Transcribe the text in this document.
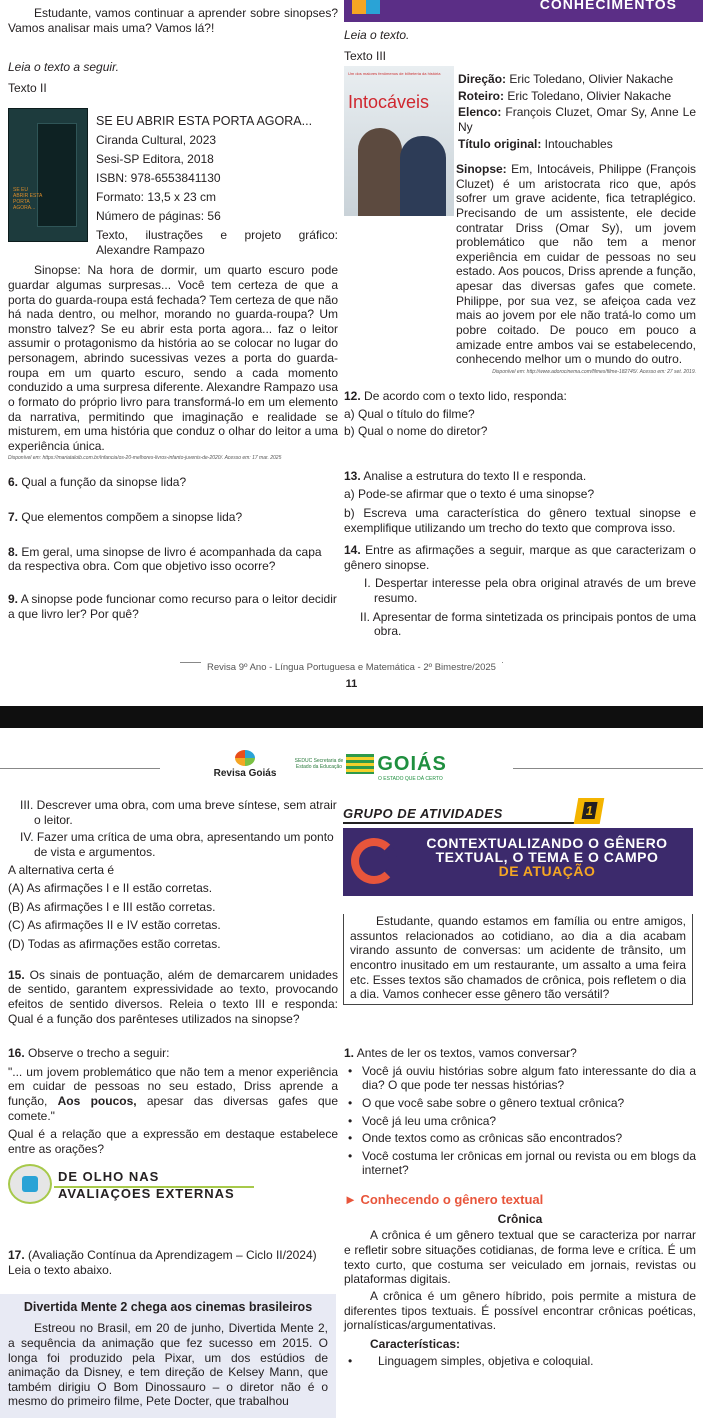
CONHECIMENTOS

Estudante, vamos continuar a aprender sobre sinopses? Vamos analisar mais uma? Vamos lá?!

Leia o texto a seguir.

Texto II

SE EU ABRIR ESTA PORTA AGORA...

SE EU ABRIR ESTA PORTA AGORA...

Ciranda Cultural, 2023

Sesi-SP Editora, 2018

ISBN: 978-6553841130

Formato: 13,5 x 23 cm

Número de páginas: 56

Texto, ilustrações e projeto gráfico: Alexandre Rampazo

Sinopse: Na hora de dormir, um quarto escuro pode guardar algumas surpresas... Você tem certeza de que a porta do guarda-roupa está fechada? Tem certeza de que não há nada dentro, ou melhor, morando no guarda-roupa? Um monstro talvez? Se eu abrir esta porta agora... faz o leitor assumir o protagonismo da história ao se colocar no lugar do personagem, abrindo sucessivas vezes a porta do guarda-roupa em um quarto escuro, sendo a cada momento conduzido a uma surpresa diferente. Alexandre Rampazo usa o formato do próprio livro para transformá-lo em um elemento da narrativa, permitindo que imaginação e realidade se misturem, em uma história que conduz o olhar do leitor a uma experiência única.

Disponível em: https://mariataloib.com.br/infancia/os-20-melhores-livros-infanto-juvenis-de-2020/. Acesso em: 17 mar. 2025

6. Qual a função da sinopse lida?

7. Que elementos compõem a sinopse lida?

8. Em geral, uma sinopse de livro é acompanhada da capa da respectiva obra. Com que objetivo isso ocorre?

9. A sinopse pode funcionar como recurso para o leitor decidir a que livro ler? Por quê?

Leia o texto.

Texto III

Um dos maiores fenômenos de bilheteria da história
Intocáveis

Direção: Eric Toledano, Olivier Nakache

Roteiro: Eric Toledano, Olivier Nakache

Elenco: François Cluzet, Omar Sy, Anne Le Ny

Título original: Intouchables

Sinopse: Em, Intocáveis, Philippe (François Cluzet) é um aristocrata rico que, após sofrer um grave acidente, fica tetraplégico. Precisando de um assistente, ele decide contratar Driss (Omar Sy), um jovem problemático que não tem a menor experiência em cuidar de pessoas no seu estado. Aos poucos, Driss aprende a função, apesar das diversas gafes que comete. Philippe, por sua vez, se afeiçoa cada vez mais ao jovem por ele não tratá-lo como um pobre coitado. De pouco em pouco a amizade entre ambos vai se estabelecendo, conhecendo melhor um o mundo do outro.

Disponível em: http://www.adorocinema.com/filmes/filme-182745/. Acesso em: 27 set. 2019.

12. De acordo com o texto lido, responda:

a) Qual o título do filme?

b) Qual o nome do diretor?

13. Analise a estrutura do texto II e responda.

a) Pode-se afirmar que o texto é uma sinopse?

b) Escreva uma característica do gênero textual sinopse e exemplifique utilizando um trecho do texto que comprova isso.

14. Entre as afirmações a seguir, marque as que caracterizam o gênero sinopse.

I. Despertar interesse pela obra original através de um breve resumo.

II. Apresentar de forma sintetizada os principais pontos de uma obra.

Revisa 9º Ano - Língua Portuguesa e Matemática - 2º Bimestre/2025
11
Revisa Goiás
SEDUC Secretaria de Estado da Educação	GOIÁS
O ESTADO QUE DÁ CERTO

III. Descrever uma obra, com uma breve síntese, sem atrair o leitor.

IV. Fazer uma crítica de uma obra, apresentando um ponto de vista e argumentos.

A alternativa certa é

(A) As afirmações I e II estão corretas.

(B) As afirmações I e III estão corretas.

(C) As afirmações II e IV estão corretas.

(D) Todas as afirmações estão corretas.

15. Os sinais de pontuação, além de demarcarem unidades de sentido, garantem expressividade ao texto, provocando efeitos de sentido diversos. Releia o texto III e responda: Qual é a função dos parênteses utilizados na sinopse?

16. Observe o trecho a seguir:

"... um jovem problemático que não tem a menor experiência em cuidar de pessoas no seu estado, Driss aprende a função, Aos poucos, apesar das diversas gafes que comete."

Qual é a relação que a expressão em destaque estabelece entre as orações?

DE OLHO NAS
AVALIAÇÕES EXTERNAS

17. (Avaliação Contínua da Aprendizagem – Ciclo II/2024)

Leia o texto abaixo.

Divertida Mente 2 chega aos cinemas brasileiros

Estreou no Brasil, em 20 de junho, Divertida Mente 2, a sequência da animação que fez sucesso em 2015. O longa foi produzido pela Pixar, um dos estúdios de animação da Disney, e tem direção de Kelsey Mann, que também dirigiu O Bom Dinossauro – o diretor não é o mesmo do primeiro filme, Pete Docter, que trabalhou

GRUPO DE ATIVIDADES	1
CONTEXTUALIZANDO O GÊNERO
TEXTUAL, O TEMA E O CAMPO
DE ATUAÇÃO

Estudante, quando estamos em família ou entre amigos, assuntos relacionados ao cotidiano, ao dia a dia acabam virando assunto de conversas: um acidente de trânsito, um encontro inusitado em um restaurante, um assalto a uma feira etc. Esses textos são chamados de crônica, pois refletem o dia a dia. Vamos conhecer esse gênero tão versátil?

1. Antes de ler os textos, vamos conversar?

• Você já ouviu histórias sobre algum fato interessante do dia a dia? O que pode ter nessas histórias?

• O que você sabe sobre o gênero textual crônica?

• Você já leu uma crônica?

• Onde textos como as crônicas são encontrados?

• Você costuma ler crônicas em jornal ou revista ou em blogs da internet?

► Conhecendo o gênero textual

Crônica

A crônica é um gênero textual que se caracteriza por narrar e refletir sobre situações cotidianas, de forma leve e crítica. É um texto curto, que costuma ser veiculado em jornais, revistas ou plataformas digitais.

A crônica é um gênero híbrido, pois permite a mistura de diferentes tipos textuais. É possível encontrar crônicas poéticas, jornalísticas/argumentativas.

Características:

• Linguagem simples, objetiva e coloquial.
